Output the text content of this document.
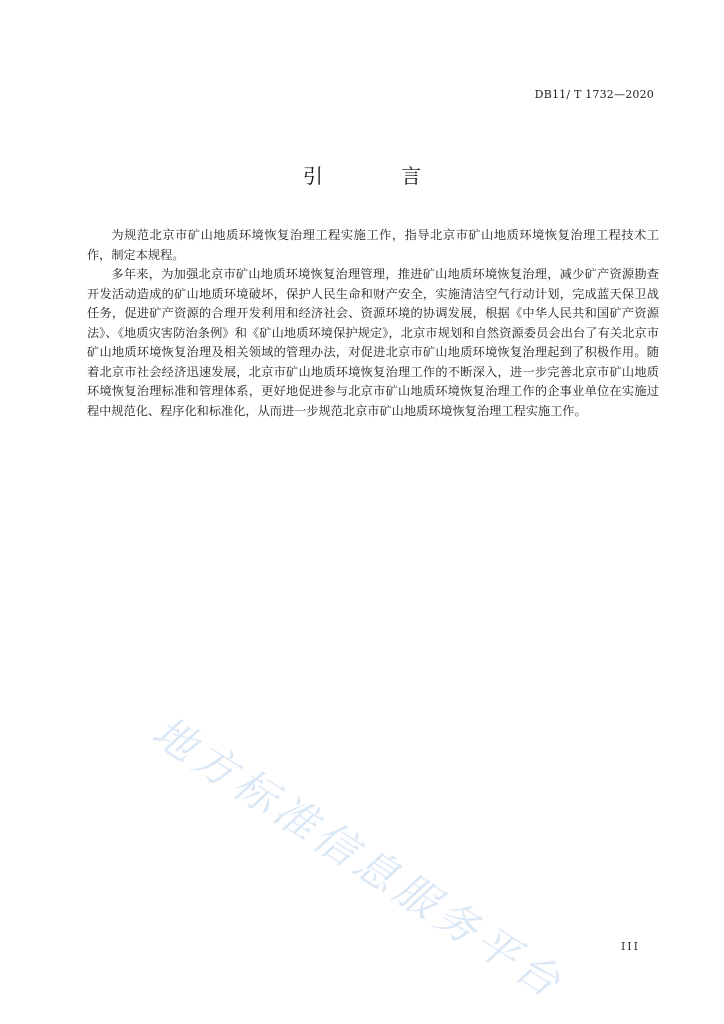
DB11/ T 1732—2020
引 言

为规范北京市矿山地质环境恢复治理工程实施工作，指导北京市矿山地质环境恢复治理工程技术工作，制定本规程。

多年来，为加强北京市矿山地质环境恢复治理管理，推进矿山地质环境恢复治理，减少矿产资源勘查开发活动造成的矿山地质环境破坏，保护人民生命和财产安全，实施清洁空气行动计划，完成蓝天保卫战任务，促进矿产资源的合理开发利用和经济社会、资源环境的协调发展，根据《中华人民共和国矿产资源法》、《地质灾害防治条例》和《矿山地质环境保护规定》，北京市规划和自然资源委员会出台了有关北京市矿山地质环境恢复治理及相关领域的管理办法，对促进北京市矿山地质环境恢复治理起到了积极作用。随着北京市社会经济迅速发展，北京市矿山地质环境恢复治理工作的不断深入，进一步完善北京市矿山地质环境恢复治理标准和管理体系，更好地促进参与北京市矿山地质环境恢复治理工作的企事业单位在实施过程中规范化、程序化和标准化，从而进一步规范北京市矿山地质环境恢复治理工程实施工作。

地方标准信息服务平台	III
